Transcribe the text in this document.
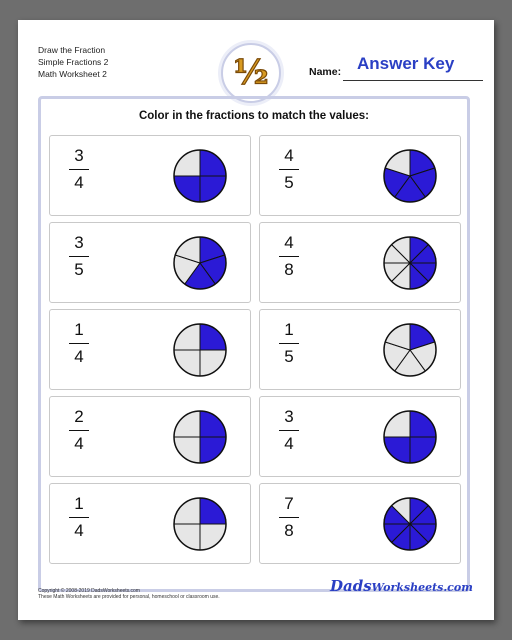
Draw the Fraction
Simple Fractions 2
Math Worksheet 2	½	Name: Answer Key
Color in the fractions to match the values:
3
4
4
5
3
5
4
8
1
4
1
5
2
4
3
4
1
4
7
8
Copyright © 2008-2019 DadsWorksheets.com
These Math Worksheets are provided for personal, homeschool or classroom use.
DadsWorksheets.com
